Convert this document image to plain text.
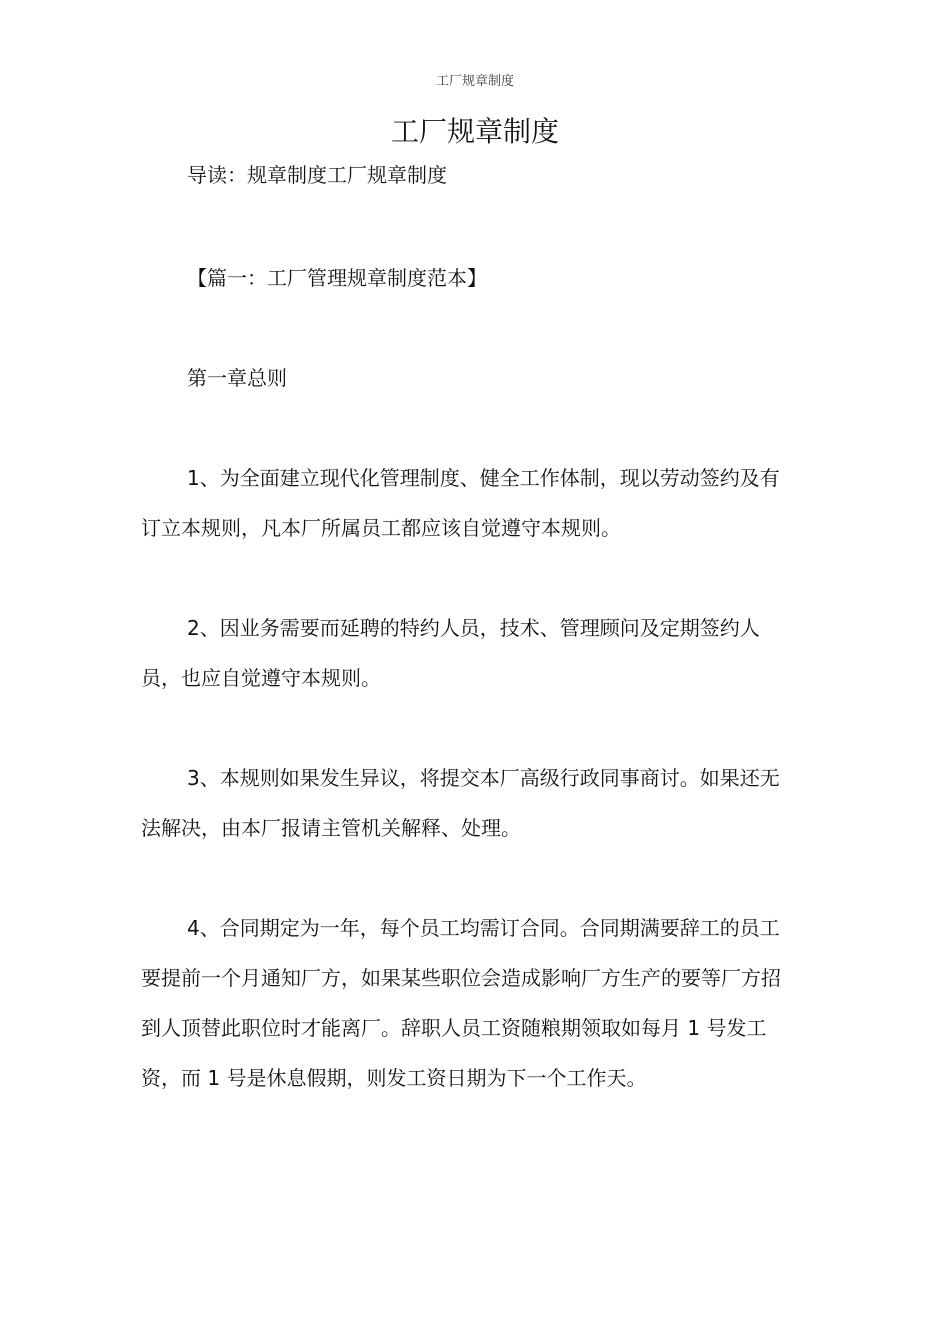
工厂规章制度
工厂规章制度

导读：规章制度工厂规章制度

【篇一：工厂管理规章制度范本】

第一章总则

1、为全面建立现代化管理制度、健全工作体制，现以劳动签约及有订立本规则，凡本厂所属员工都应该自觉遵守本规则。

2、因业务需要而延聘的特约人员，技术、管理顾问及定期签约人员，也应自觉遵守本规则。

3、本规则如果发生异议，将提交本厂高级行政同事商讨。如果还无法解决，由本厂报请主管机关解释、处理。

4、合同期定为一年，每个员工均需订合同。合同期满要辞工的员工要提前一个月通知厂方，如果某些职位会造成影响厂方生产的要等厂方招到人顶替此职位时才能离厂。辞职人员工资随粮期领取如每月 1 号发工资，而 1 号是休息假期，则发工资日期为下一个工作天。
